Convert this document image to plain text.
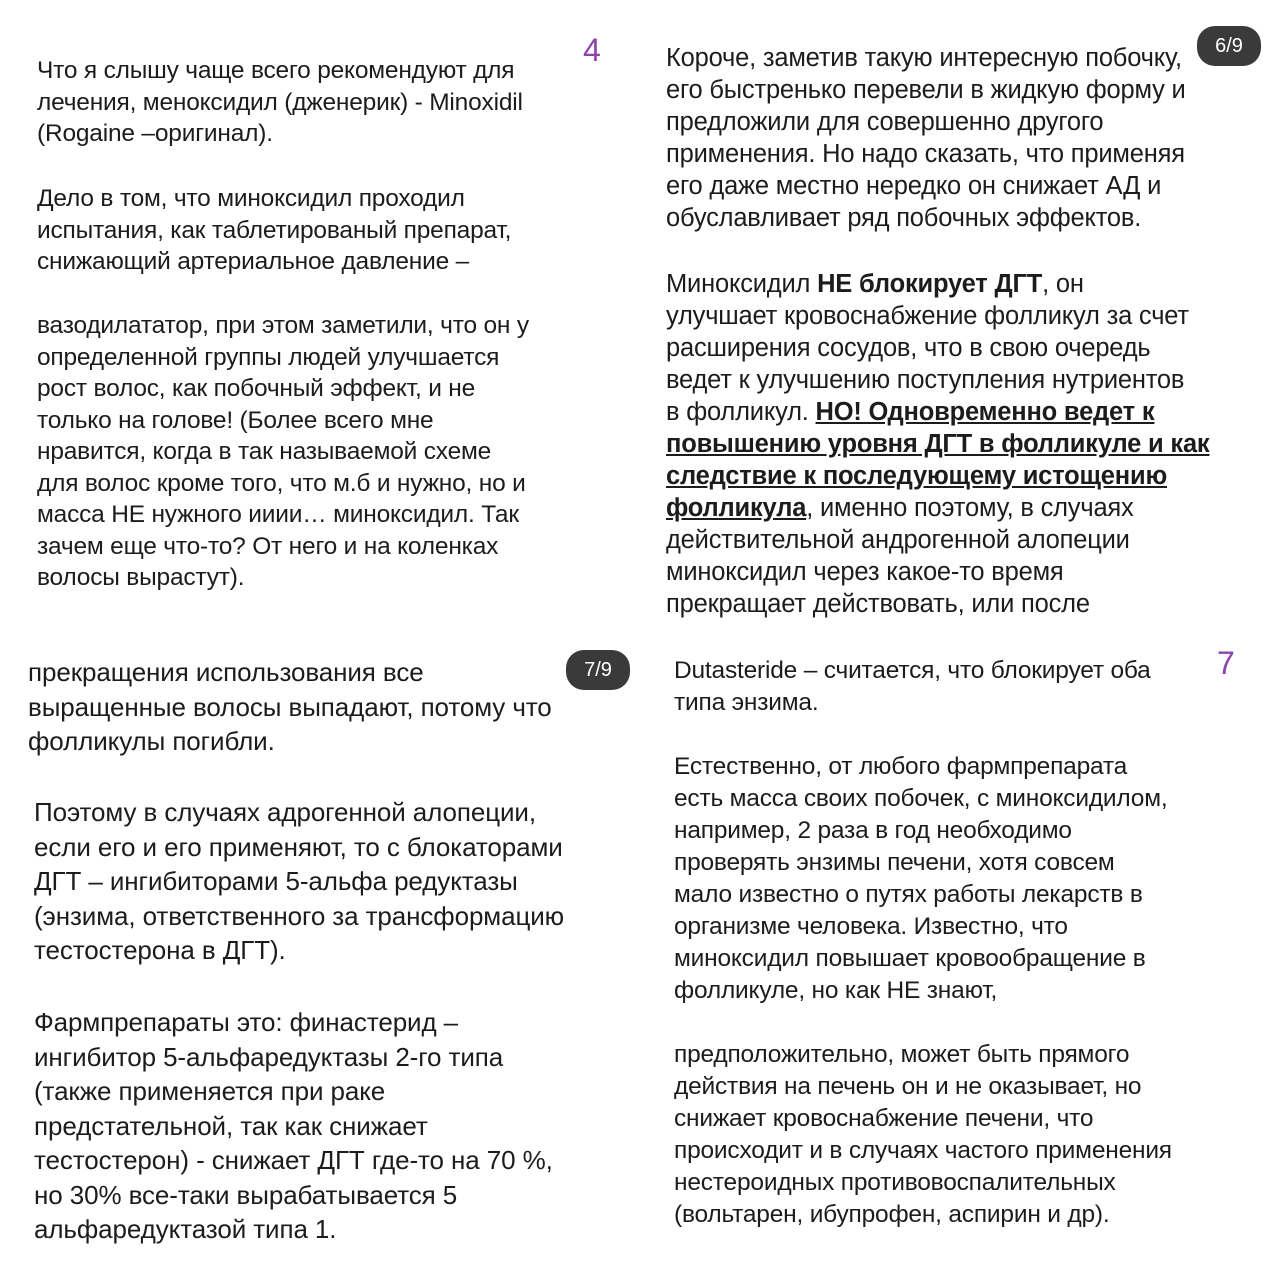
4
Что я слышу чаще всего рекомендуют для
лечения, меноксидил (дженерик) - Minoxidil
(Rogaine –оригинал).
Дело в том, что миноксидил проходил
испытания, как таблетированый препарат,
снижающий артериальное давление –
вазодилататор, при этом заметили, что он у
определенной группы людей улучшается
рост волос, как побочный эффект, и не
только на голове! (Более всего мне
нравится, когда в так называемой схеме
для волос кроме того, что м.б и нужно, но и
масса НЕ нужного ииии… миноксидил. Так
зачем еще что-то? От него и на коленках
волосы вырастут).
Короче, заметив такую интересную побочку,
его быстренько перевели в жидкую форму и
предложили для совершенно другого
применения. Но надо сказать, что применяя
его даже местно нередко он снижает АД и
обуславливает ряд побочных эффектов.
Миноксидил НЕ блокирует ДГТ, он
улучшает кровоснабжение фолликул за счет
расширения сосудов, что в свою очередь
ведет к улучшению поступления нутриентов
в фолликул. НО! Одновременно ведет к
повышению уровня ДГТ в фолликуле и как
следствие к последующему истощению
фолликула, именно поэтому, в случаях
действительной андрогенной алопеции
миноксидил через какое-то время
прекращает действовать, или после
6/9
прекращения использования все
выращенные волосы выпадают, потому что
фолликулы погибли.
Поэтому в случаях адрогенной алопеции,
если его и его применяют, то с блокаторами
ДГТ – ингибиторами 5-альфа редуктазы
(энзима, ответственного за трансформацию
тестостерона в ДГТ).
Фармпрепараты это: финастерид –
ингибитор 5-альфаредуктазы 2-го типа
(также применяется при раке
предстательной, так как снижает
тестостерон) - снижает ДГТ где-то на 70 %,
но 30% все-таки вырабатывается 5
альфаредуктазой типа 1.
7/9	7
Dutasteride – считается, что блокирует оба
типа энзима.
Естественно, от любого фармпрепарата
есть масса своих побочек, с миноксидилом,
например, 2 раза в год необходимо
проверять энзимы печени, хотя совсем
мало известно о путях работы лекарств в
организме человека. Известно, что
миноксидил повышает кровообращение в
фолликуле, но как НЕ знают,
предположительно, может быть прямого
действия на печень он и не оказывает, но
снижает кровоснабжение печени, что
происходит и в случаях частого применения
нестероидных противовоспалительных
(вольтарен, ибупрофен, аспирин и др).
